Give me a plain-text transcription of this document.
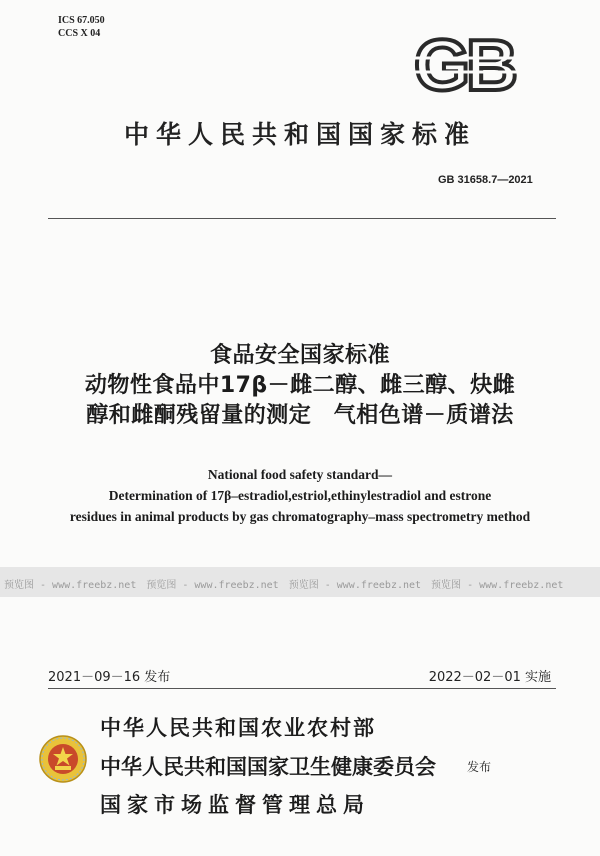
ICS 67.050
CCS X 04	GB
中华人民共和国国家标准
GB 31658.7—2021
食品安全国家标准
动物性食品中17β－雌二醇、雌三醇、炔雌
醇和雌酮残留量的测定　气相色谱－质谱法
National food safety standard—
Determination of 17β–estradiol,estriol,ethinylestradiol and estrone
residues in animal products by gas chromatography–mass spectrometry method
预览图 - www.freebz.net　预览图 - www.freebz.net　预览图 - www.freebz.net　预览图 - www.freebz.net
2021－09－16 发布	2022－02－01 实施
中华人民共和国农业农村部
中华人民共和国国家卫生健康委员会
国家市场监督管理总局
发布
